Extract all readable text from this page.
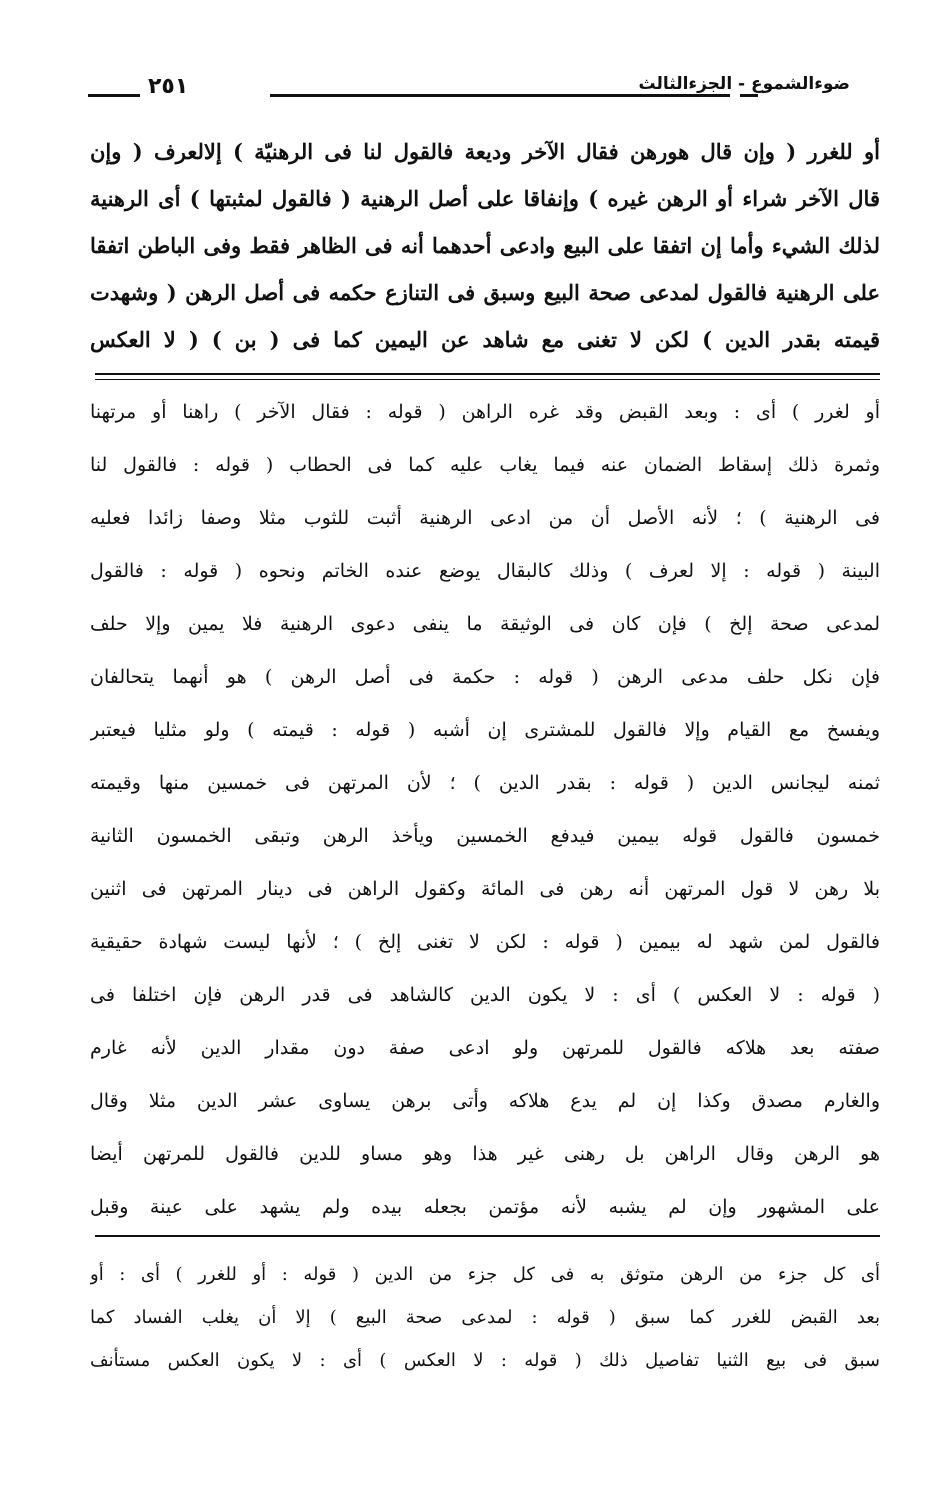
٢٥١	ضوءالشموع - الجزءالثالث
أو للغرر ( وإن قال هورهن فقال الآخر وديعة فالقول لنا فى الرهنيّة ) إلالعرف ( وإن
قال الآخر شراء أو الرهن غيره ) وإنفاقا على أصل الرهنية ( فالقول لمثبتها ) أى الرهنية
لذلك الشيء وأما إن اتفقا على البيع وادعى أحدهما أنه فى الظاهر فقط وفى الباطن اتفقا
على الرهنية فالقول لمدعى صحة البيع وسبق فى التنازع حكمه فى أصل الرهن ( وشهدت
قيمته بقدر الدين ) لكن لا تغنى مع شاهد عن اليمين كما فى ( بن ) ( لا العكس
أو لغرر ) أى : وبعد القبض وقد غره الراهن ( قوله : فقال الآخر ) راهنا أو مرتهنا
وثمرة ذلك إسقاط الضمان عنه فيما يغاب عليه كما فى الحطاب ( قوله : فالقول لنا
فى الرهنية ) ؛ لأنه الأصل أن من ادعى الرهنية أثبت للثوب مثلا وصفا زائدا فعليه
البينة ( قوله : إلا لعرف ) وذلك كالبقال يوضع عنده الخاتم ونحوه ( قوله : فالقول
لمدعى صحة إلخ ) فإن كان فى الوثيقة ما ينفى دعوى الرهنية فلا يمين وإلا حلف
فإن نكل حلف مدعى الرهن ( قوله : حكمة فى أصل الرهن ) هو أنهما يتحالفان
ويفسخ مع القيام وإلا فالقول للمشترى إن أشبه ( قوله : قيمته ) ولو مثليا فيعتبر
ثمنه ليجانس الدين ( قوله : بقدر الدين ) ؛ لأن المرتهن فى خمسين منها وقيمته
خمسون فالقول قوله بيمين فيدفع الخمسين ويأخذ الرهن وتبقى الخمسون الثانية
بلا رهن لا قول المرتهن أنه رهن فى المائة وكقول الراهن فى دينار المرتهن فى اثنين
فالقول لمن شهد له بيمين ( قوله : لكن لا تغنى إلخ ) ؛ لأنها ليست شهادة حقيقية
( قوله : لا العكس ) أى : لا يكون الدين كالشاهد فى قدر الرهن فإن اختلفا فى
صفته بعد هلاكه فالقول للمرتهن ولو ادعى صفة دون مقدار الدين لأنه غارم
والغارم مصدق وكذا إن لم يدع هلاكه وأتى برهن يساوى عشر الدين مثلا وقال
هو الرهن وقال الراهن بل رهنى غير هذا وهو مساو للدين فالقول للمرتهن أيضا
على المشهور وإن لم يشبه لأنه مؤتمن بجعله بيده ولم يشهد على عينة وقبل
أى كل جزء من الرهن متوثق به فى كل جزء من الدين ( قوله : أو للغرر ) أى : أو
بعد القبض للغرر كما سبق ( قوله : لمدعى صحة البيع ) إلا أن يغلب الفساد كما
سبق فى بيع الثنيا تفاصيل ذلك ( قوله : لا العكس ) أى : لا يكون العكس مستأنف
